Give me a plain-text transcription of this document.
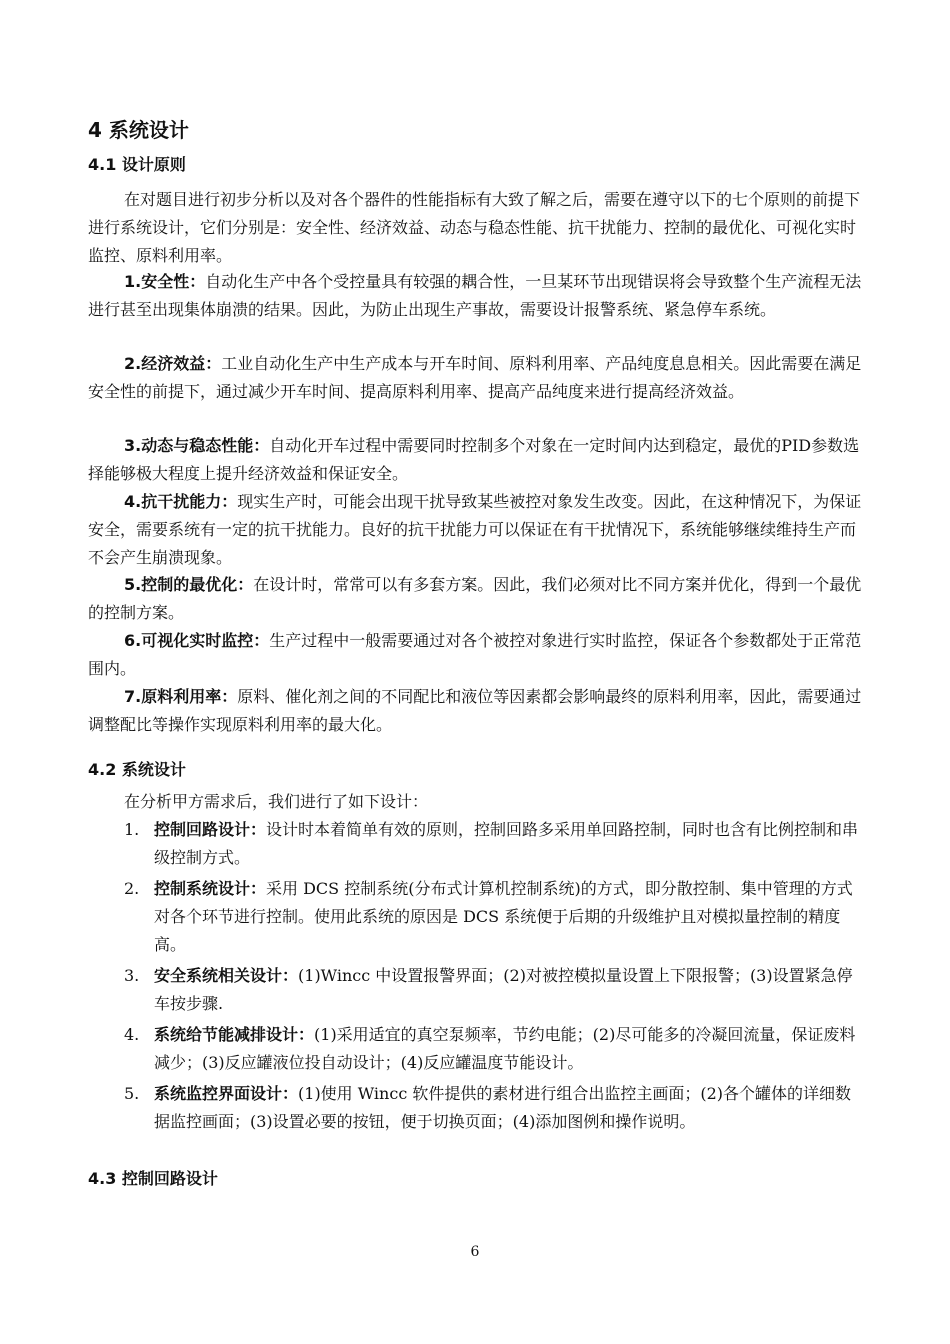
4 系统设计
4.1 设计原则
在对题目进行初步分析以及对各个器件的性能指标有大致了解之后，需要在遵守以下的七个原则的前提下进行系统设计，它们分别是：安全性、经济效益、动态与稳态性能、抗干扰能力、控制的最优化、可视化实时监控、原料利用率。
1.安全性：自动化生产中各个受控量具有较强的耦合性，一旦某环节出现错误将会导致整个生产流程无法进行甚至出现集体崩溃的结果。因此，为防止出现生产事故，需要设计报警系统、紧急停车系统。
2.经济效益：工业自动化生产中生产成本与开车时间、原料利用率、产品纯度息息相关。因此需要在满足安全性的前提下，通过减少开车时间、提高原料利用率、提高产品纯度来进行提高经济效益。
3.动态与稳态性能：自动化开车过程中需要同时控制多个对象在一定时间内达到稳定，最优的PID参数选择能够极大程度上提升经济效益和保证安全。
4.抗干扰能力：现实生产时，可能会出现干扰导致某些被控对象发生改变。因此，在这种情况下，为保证安全，需要系统有一定的抗干扰能力。良好的抗干扰能力可以保证在有干扰情况下，系统能够继续维持生产而不会产生崩溃现象。
5.控制的最优化：在设计时，常常可以有多套方案。因此，我们必须对比不同方案并优化，得到一个最优的控制方案。
6.可视化实时监控：生产过程中一般需要通过对各个被控对象进行实时监控，保证各个参数都处于正常范围内。
7.原料利用率：原料、催化剂之间的不同配比和液位等因素都会影响最终的原料利用率，因此，需要通过调整配比等操作实现原料利用率的最大化。
4.2 系统设计
在分析甲方需求后，我们进行了如下设计：
1. 控制回路设计：设计时本着简单有效的原则，控制回路多采用单回路控制，同时也含有比例控制和串级控制方式。
2. 控制系统设计：采用 DCS 控制系统(分布式计算机控制系统)的方式，即分散控制、集中管理的方式对各个环节进行控制。使用此系统的原因是 DCS 系统便于后期的升级维护且对模拟量控制的精度高。
3. 安全系统相关设计：(1)Wincc 中设置报警界面；(2)对被控模拟量设置上下限报警；(3)设置紧急停车按步骤.
4. 系统给节能减排设计：(1)采用适宜的真空泵频率，节约电能；(2)尽可能多的冷凝回流量，保证废料减少；(3)反应罐液位投自动设计；(4)反应罐温度节能设计。
5. 系统监控界面设计：(1)使用 Wincc 软件提供的素材进行组合出监控主画面；(2)各个罐体的详细数据监控画面；(3)设置必要的按钮，便于切换页面；(4)添加图例和操作说明。
4.3 控制回路设计
6
